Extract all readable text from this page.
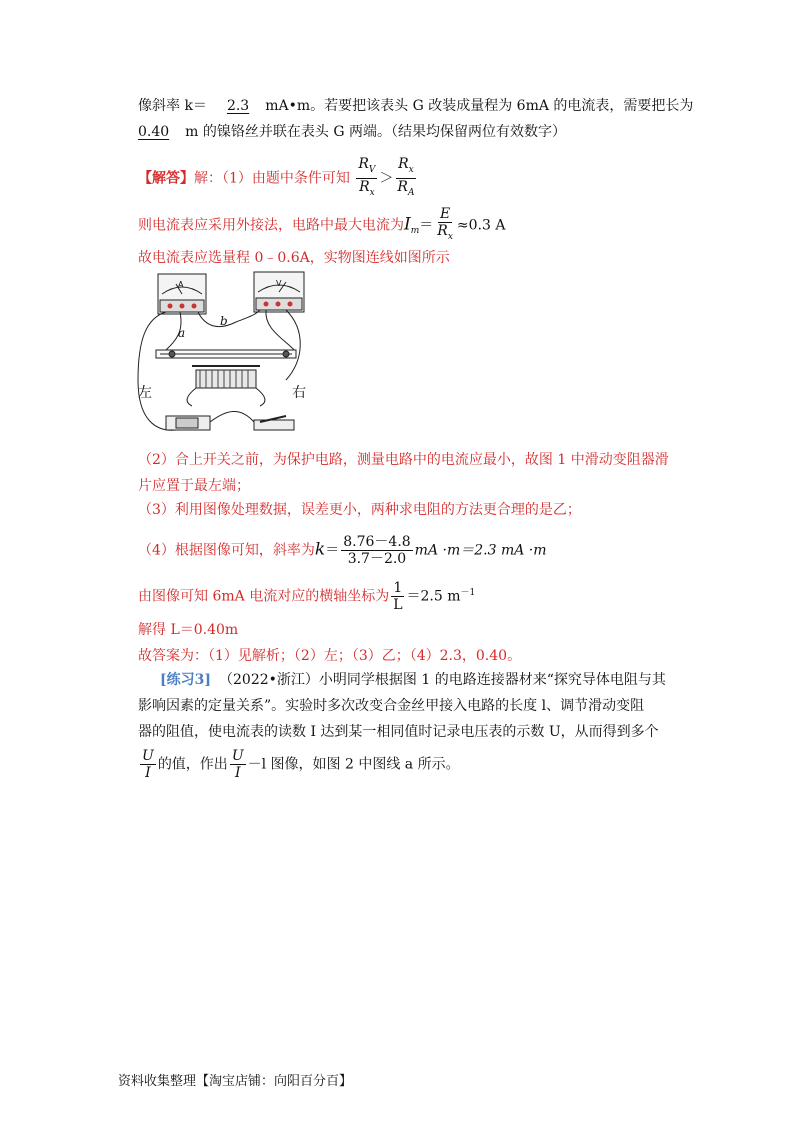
像斜率 k＝ 2.3 mA•m。若要把该表头 G 改装成量程为 6mA 的电流表，需要把长为
0.40 m 的镍铬丝并联在表头 G 两端。（结果均保留两位有效数字）
【解答】解：（1）由题中条件可知 $\frac{R_V}{R_x} > \frac{R_x}{R_A}$
则电流表应采用外接法，电路中最大电流为$I_m= \frac{E}{R_x} \approx 0.3$ A
故电流表应选量程 0﹣0.6A，实物图连线如图所示
A	V
a
b
左	右
（2）合上开关之前，为保护电路，测量电路中的电流应最小，故图 1 中滑动变阻器滑
片应置于最左端；
（3）利用图像处理数据，误差更小，两种求电阻的方法更合理的是乙；
（4）根据图像可知，斜率为$k= \frac{8.76-4.8}{3.7-2.0}$ mA ·m＝2.3 mA ·m
由图像可知 6mA 电流对应的横轴坐标为 $\frac{1}{L} =2.5$ $m^{-1}$
解得 L＝0.40m
故答案为：（1）见解析；（2）左；（3）乙；（4）2.3，0.40。
[练习3] （2022•浙江）小明同学根据图 1 的电路连接器材来“探究导体电阻与其
影响因素的定量关系”。实验时多次改变合金丝甲接入电路的长度 l、调节滑动变阻
器的阻值，使电流表的读数 I 达到某一相同值时记录电压表的示数 U，从而得到多个
$\frac{U}{I}$ 的值，作出 $\frac{U}{I} -l$ 图像，如图 2 中图线 a 所示。
资料收集整理【淘宝店铺：向阳百分百】
